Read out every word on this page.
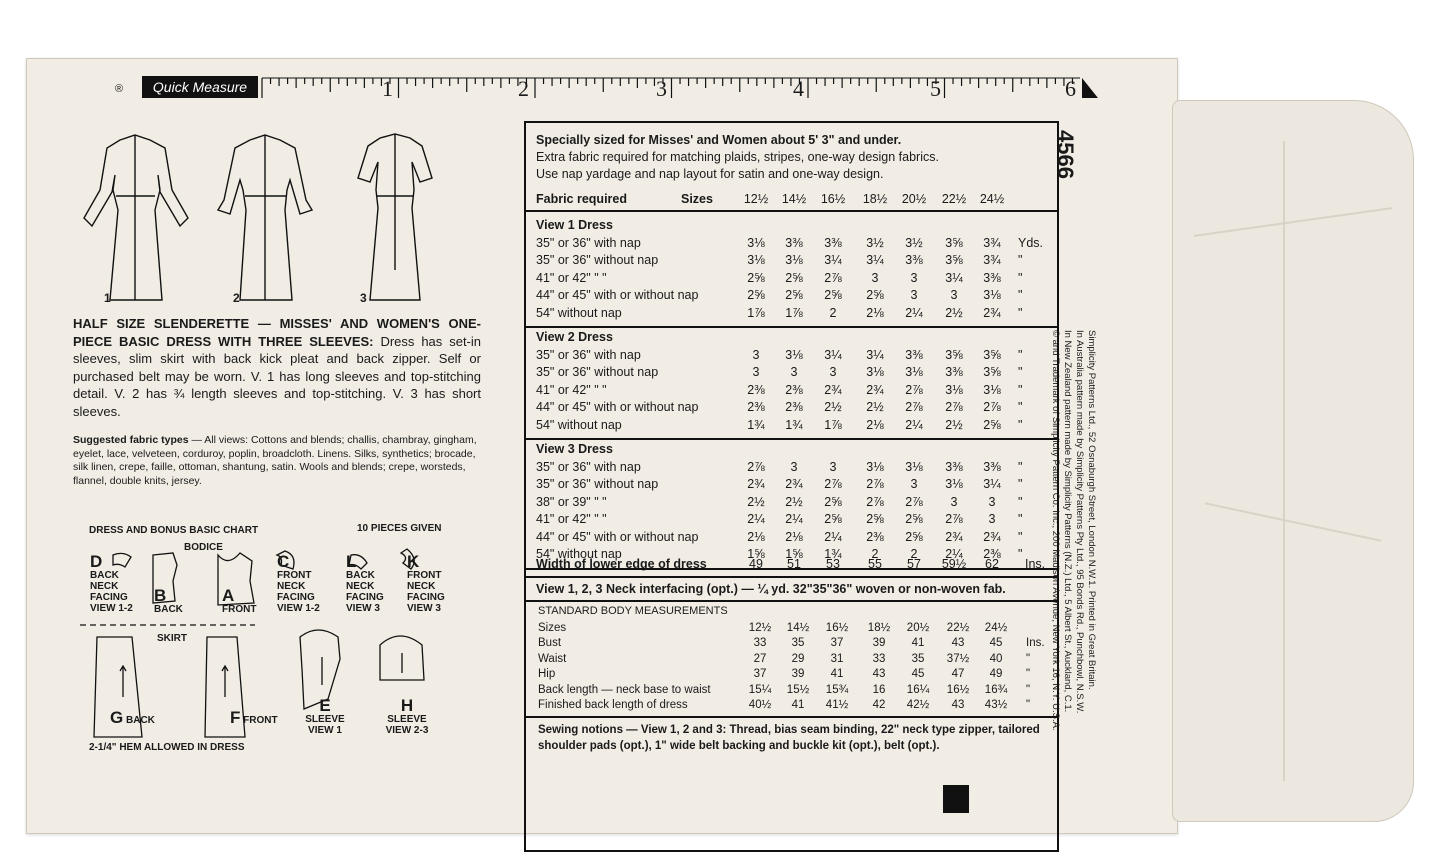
®	Quick Measure	1	2	3	4	5	6
1	2	3
HALF SIZE SLENDERETTE — MISSES' AND WOMEN'S ONE-PIECE BASIC DRESS WITH THREE SLEEVES: Dress has set-in sleeves, slim skirt with back kick pleat and back zipper. Self or purchased belt may be worn. V. 1 has long sleeves and top-stitching detail. V. 2 has ¾ length sleeves and top-stitching. V. 3 has short sleeves.
Suggested fabric types — All views: Cottons and blends; challis, chambray, gingham, eyelet, lace, velveteen, corduroy, poplin, broadcloth. Linens. Silks, synthetics; brocade, silk linen, crepe, faille, ottoman, shantung, satin. Wools and blends; crepe, worsteds, flannel, double knits, jersey.
DRESS AND BONUS BASIC CHART	10 PIECES GIVEN
BODICE
SKIRT
2-1/4" HEM ALLOWED IN DRESS
D
BACK NECK FACING VIEW 1-2
B
BACK
A
FRONT
C
FRONT NECK FACING VIEW 1-2
L
BACK NECK FACING VIEW 3
K
FRONT NECK FACING VIEW 3
G BACK	F FRONT
E
SLEEVE VIEW 1
H
SLEEVE VIEW 2-3
Specially sized for Misses' and Women about 5' 3" and under.
Extra fabric required for matching plaids, stripes, one-way design fabrics.
Use nap yardage and nap layout for satin and one-way design.
Fabric required	Sizes	12½	14½	16½	18½	20½	22½	24½
View 1 Dress
35" or 36" with nap	3⅛	3⅜	3⅜	3½	3½	3⅝	3¾	Yds.
35" or 36" without nap	3⅛	3⅛	3¼	3¼	3⅜	3⅝	3¾	"
41" or 42" " "	2⅝	2⅝	2⅞	3	3	3¼	3⅜	"
44" or 45" with or without nap	2⅝	2⅝	2⅝	2⅝	3	3	3⅛	"
54" without nap	1⅞	1⅞	2	2⅛	2¼	2½	2¾	"
View 2 Dress
35" or 36" with nap	3	3⅛	3¼	3¼	3⅜	3⅝	3⅝	"
35" or 36" without nap	3	3	3	3⅛	3⅛	3⅜	3⅝	"
41" or 42" " "	2⅜	2⅜	2¾	2¾	2⅞	3⅛	3⅛	"
44" or 45" with or without nap	2⅜	2⅜	2½	2½	2⅞	2⅞	2⅞	"
54" without nap	1¾	1¾	1⅞	2⅛	2¼	2½	2⅝	"
View 3 Dress
35" or 36" with nap	2⅞	3	3	3⅛	3⅛	3⅜	3⅜	"
35" or 36" without nap	2¾	2¾	2⅞	2⅞	3	3⅛	3¼	"
38" or 39" " "	2½	2½	2⅝	2⅞	2⅞	3	3	"
41" or 42" " "	2¼	2¼	2⅝	2⅝	2⅝	2⅞	3	"
44" or 45" with or without nap	2⅛	2⅛	2¼	2⅜	2⅝	2¾	2¾	"
54" without nap	1⅝	1⅝	1¾	2	2	2¼	2⅜	"
Width of lower edge of dress	49	51	53	55	57	59½	62	Ins.
View 1, 2, 3 Neck interfacing (opt.) — ¼ yd. 32"35"36" woven or non-woven fab.
STANDARD BODY MEASUREMENTS
Sizes	12½	14½	16½	18½	20½	22½	24½
Bust	33	35	37	39	41	43	45	Ins.
Waist	27	29	31	33	35	37½	40	"
Hip	37	39	41	43	45	47	49	"
Back length — neck base to waist	15¼	15½	15¾	16	16¼	16½	16¾	"
Finished back length of dress	40½	41	41½	42	42½	43	43½	"
Sewing notions — View 1, 2 and 3: Thread, bias seam binding, 22" neck type zipper, tailored shoulder pads (opt.), 1" wide belt backing and buckle kit (opt.), belt (opt.).
4566
Simplicity Patterns Ltd., 52 Osnaburgh Street, London N.W.1. Printed in Great Britain.
In Australia pattern made by Simplicity Patterns Pty Ltd., 95 Bonds Rd., Punchbowl, N.S.W.
In New Zealand pattern made by Simplicity Patterns (N.Z.) Ltd., 5 Albert St., Auckland, C.1.
© and Trademark of Simplicity Pattern Co. Inc., 200 Madison Avenue, New York 16, N.Y. U.S.A.
